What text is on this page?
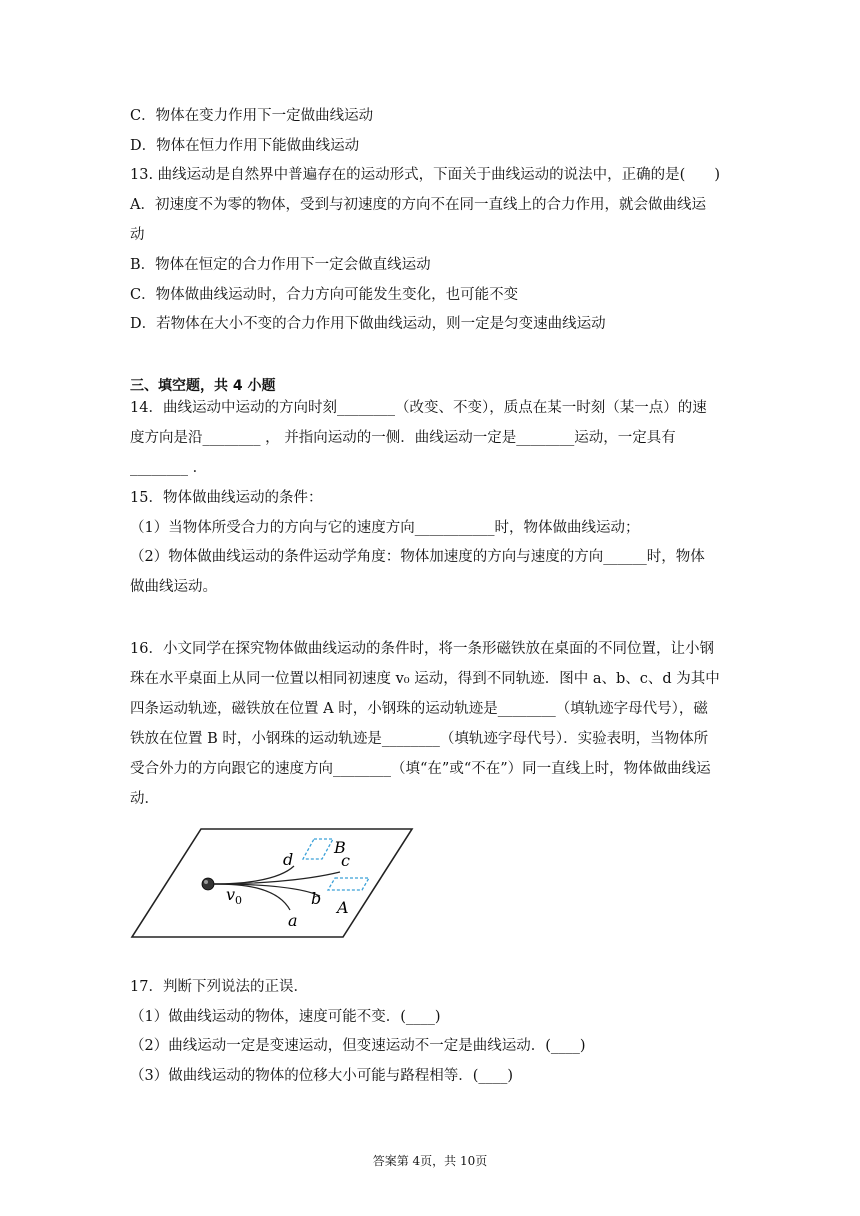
C．物体在变力作用下一定做曲线运动
D．物体在恒力作用下能做曲线运动
13. 曲线运动是自然界中普遍存在的运动形式，下面关于曲线运动的说法中，正确的是(　　)
A．初速度不为零的物体，受到与初速度的方向不在同一直线上的合力作用，就会做曲线运
动
B．物体在恒定的合力作用下一定会做直线运动
C．物体做曲线运动时，合力方向可能发生变化，也可能不变
D．若物体在大小不变的合力作用下做曲线运动，则一定是匀变速曲线运动
三、填空题，共 4 小题
14．曲线运动中运动的方向时刻________（改变、不变），质点在某一时刻（某一点）的速
度方向是沿________ ， 并指向运动的一侧．曲线运动一定是________运动，一定具有
________ ．
15．物体做曲线运动的条件：
（1）当物体所受合力的方向与它的速度方向___________时，物体做曲线运动；
（2）物体做曲线运动的条件运动学角度：物体加速度的方向与速度的方向______时，物体
做曲线运动。
16．小文同学在探究物体做曲线运动的条件时，将一条形磁铁放在桌面的不同位置，让小钢
珠在水平桌面上从同一位置以相同初速度 v₀ 运动，得到不同轨迹．图中 a、b、c、d 为其中
四条运动轨迹，磁铁放在位置 A 时，小钢珠的运动轨迹是________（填轨迹字母代号），磁
铁放在位置 B 时，小钢珠的运动轨迹是________（填轨迹字母代号）．实验表明，当物体所
受合外力的方向跟它的速度方向________（填“在”或“不在”）同一直线上时，物体做曲线运
动．
d
B
c
b A
a
$v_0$
17．判断下列说法的正误．
（1）做曲线运动的物体，速度可能不变．(____)
（2）曲线运动一定是变速运动，但变速运动不一定是曲线运动．(____)
（3）做曲线运动的物体的位移大小可能与路程相等．(____)
答案第 4页，共 10页
